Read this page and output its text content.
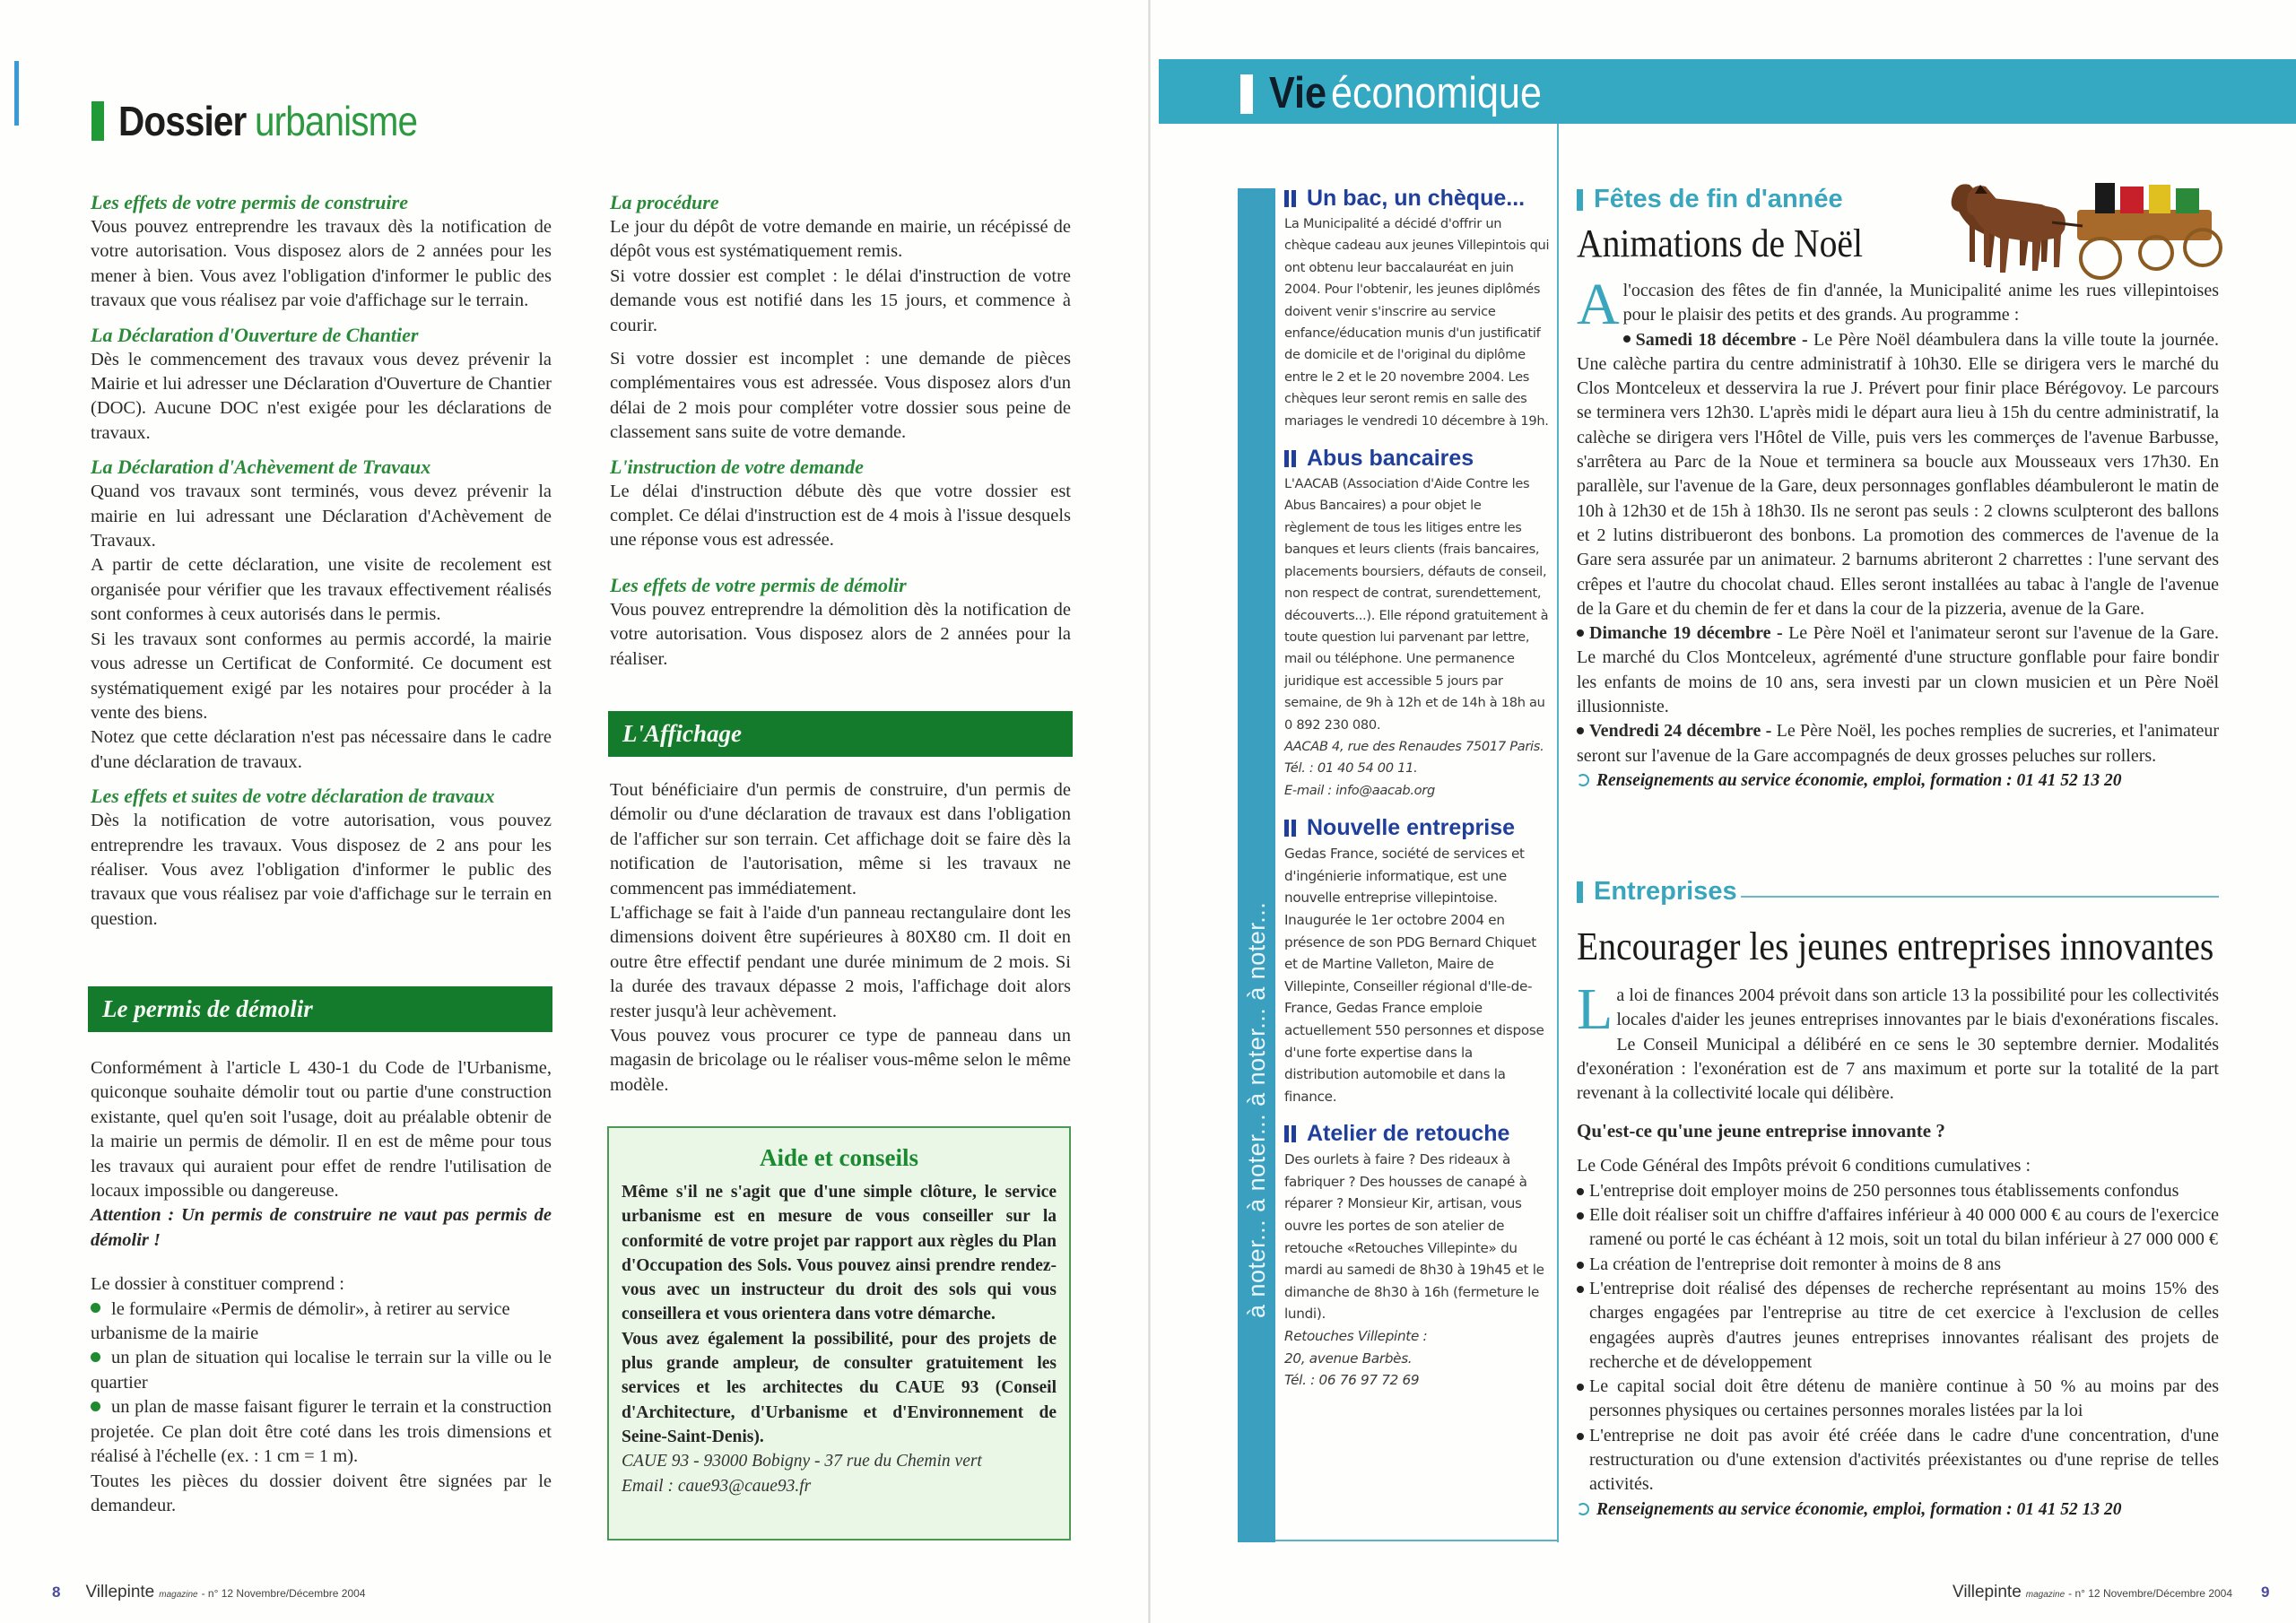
Dossier urbanisme
Les effets de votre permis de construire

Vous pouvez entreprendre les travaux dès la notification de votre autorisation. Vous disposez alors de 2 années pour les mener à bien. Vous avez l'obligation d'informer le public des travaux que vous réalisez par voie d'affichage sur le terrain.

La Déclaration d'Ouverture de Chantier

Dès le commencement des travaux vous devez prévenir la Mairie et lui adresser une Déclaration d'Ouverture de Chantier (DOC). Aucune DOC n'est exigée pour les déclarations de travaux.

La Déclaration d'Achèvement de Travaux

Quand vos travaux sont terminés, vous devez prévenir la mairie en lui adressant une Déclaration d'Achèvement de Travaux.

A partir de cette déclaration, une visite de recolement est organisée pour vérifier que les travaux effectivement réalisés sont conformes à ceux autorisés dans le permis.

Si les travaux sont conformes au permis accordé, la mairie vous adresse un Certificat de Conformité. Ce document est systématiquement exigé par les notaires pour procéder à la vente des biens.

Notez que cette déclaration n'est pas nécessaire dans le cadre d'une déclaration de travaux.

Les effets et suites de votre déclaration de travaux

Dès la notification de votre autorisation, vous pouvez entreprendre les travaux. Vous disposez de 2 ans pour les réaliser. Vous avez l'obligation d'informer le public des travaux que vous réalisez par voie d'affichage sur le terrain en question.

Le permis de démolir

Conformément à l'article L 430-1 du Code de l'Urbanisme, quiconque souhaite démolir tout ou partie d'une construction existante, quel qu'en soit l'usage, doit au préalable obtenir de la mairie un permis de démolir. Il en est de même pour tous les travaux qui auraient pour effet de rendre l'utilisation de locaux impossible ou dangereuse.

Attention : Un permis de construire ne vaut pas permis de démolir !

Le dossier à constituer comprend :

le formulaire «Permis de démolir», à retirer au service urbanisme de la mairie

un plan de situation qui localise le terrain sur la ville ou le quartier

un plan de masse faisant figurer le terrain et la construction projetée. Ce plan doit être coté dans les trois dimensions et réalisé à l'échelle (ex. : 1 cm = 1 m).

Toutes les pièces du dossier doivent être signées par le demandeur.

La procédure

Le jour du dépôt de votre demande en mairie, un récépissé de dépôt vous est systématiquement remis.

Si votre dossier est complet : le délai d'instruction de votre demande vous est notifié dans les 15 jours, et commence à courir.

Si votre dossier est incomplet : une demande de pièces complémentaires vous est adressée. Vous disposez alors d'un délai de 2 mois pour compléter votre dossier sous peine de classement sans suite de votre demande.

L'instruction de votre demande

Le délai d'instruction débute dès que votre dossier est complet. Ce délai d'instruction est de 4 mois à l'issue desquels une réponse vous est adressée.

Les effets de votre permis de démolir

Vous pouvez entreprendre la démolition dès la notification de votre autorisation. Vous disposez alors de 2 années pour la réaliser.

L'Affichage

Tout bénéficiaire d'un permis de construire, d'un permis de démolir ou d'une déclaration de travaux est dans l'obligation de l'afficher sur son terrain. Cet affichage doit se faire dès la notification de l'autorisation, même si les travaux ne commencent pas immédiatement.

L'affichage se fait à l'aide d'un panneau rectangulaire dont les dimensions doivent être supérieures à 80X80 cm. Il doit en outre être effectif pendant une durée minimum de 2 mois. Si la durée des travaux dépasse 2 mois, l'affichage doit alors rester jusqu'à leur achèvement.

Vous pouvez vous procurer ce type de panneau dans un magasin de bricolage ou le réaliser vous-même selon le même modèle.

Aide et conseils

Même s'il ne s'agit que d'une simple clôture, le service urbanisme est en mesure de vous conseiller sur la conformité de votre projet par rapport aux règles du Plan d'Occupation des Sols. Vous pouvez ainsi prendre rendez-vous avec un instructeur du droit des sols qui vous conseillera et vous orientera dans votre démarche.

Vous avez également la possibilité, pour des projets de plus grande ampleur, de consulter gratuitement les services et les architectes du CAUE 93 (Conseil d'Architecture, d'Urbanisme et d'Environnement de Seine-Saint-Denis).

CAUE 93 - 93000 Bobigny - 37 rue du Chemin vert

Email : caue93@caue93.fr

8 Villepinte magazine - n° 12 Novembre/Décembre 2004
Vie économique
à noter... à noter... à noter... à noter...
Un bac, un chèque...

La Municipalité a décidé d'offrir un chèque cadeau aux jeunes Villepintois qui ont obtenu leur baccalauréat en juin 2004. Pour l'obtenir, les jeunes diplômés doivent venir s'inscrire au service enfance/éducation munis d'un justificatif de domicile et de l'original du diplôme entre le 2 et le 20 novembre 2004. Les chèques leur seront remis en salle des mariages le vendredi 10 décembre à 19h.

Abus bancaires

L'AACAB (Association d'Aide Contre les Abus Bancaires) a pour objet le règlement de tous les litiges entre les banques et leurs clients (frais bancaires, placements boursiers, défauts de conseil, non respect de contrat, surendettement, découverts...). Elle répond gratuitement à toute question lui parvenant par lettre, mail ou téléphone. Une permanence juridique est accessible 5 jours par semaine, de 9h à 12h et de 14h à 18h au 0 892 230 080.

AACAB 4, rue des Renaudes 75017 Paris. Tél. : 01 40 54 00 11.

E-mail : info@aacab.org

Nouvelle entreprise

Gedas France, société de services et d'ingénierie informatique, est une nouvelle entreprise villepintoise. Inaugurée le 1er octobre 2004 en présence de son PDG Bernard Chiquet et de Martine Valleton, Maire de Villepinte, Conseiller régional d'Ile-de-France, Gedas France emploie actuellement 550 personnes et dispose d'une forte expertise dans la distribution automobile et dans la finance.

Atelier de retouche

Des ourlets à faire ? Des rideaux à fabriquer ? Des housses de canapé à réparer ? Monsieur Kir, artisan, vous ouvre les portes de son atelier de retouche «Retouches Villepinte» du mardi au samedi de 8h30 à 19h45 et le dimanche de 8h30 à 16h (fermeture le lundi).

Retouches Villepinte :

20, avenue Barbès.

Tél. : 06 76 97 72 69

Fêtes de fin d'année
Animations de Noël
Al'occasion des fêtes de fin d'année, la Municipalité anime les rues villepintoises pour le plaisir des petits et des grands. Au programme :
Samedi 18 décembre - Le Père Noël déambulera dans la ville toute la journée. Une calèche partira du centre administratif à 10h30. Elle se dirigera vers le marché du Clos Montceleux et desservira la rue J. Prévert pour finir place Bérégovoy. Le parcours se terminera vers 12h30. L'après midi le départ aura lieu à 15h du centre administratif, la calèche se dirigera vers l'Hôtel de Ville, puis vers les commerçes de l'avenue Barbusse, s'arrêtera au Parc de la Noue et terminera sa boucle aux Mousseaux vers 17h30. En parallèle, sur l'avenue de la Gare, deux personnages gonflables déambuleront le matin de 10h à 12h30 et de 15h à 18h30. Ils ne seront pas seuls : 2 clowns sculpteront des ballons et 2 lutins distribueront des bonbons. La promotion des commerces de l'avenue de la Gare sera assurée par un animateur. 2 barnums abriteront 2 charrettes : l'une servant des crêpes et l'autre du chocolat chaud. Elles seront installées au tabac à l'angle de l'avenue de la Gare et du chemin de fer et dans la cour de la pizzeria, avenue de la Gare.
Dimanche 19 décembre - Le Père Noël et l'animateur seront sur l'avenue de la Gare. Le marché du Clos Montceleux, agrémenté d'une structure gonflable pour faire bondir les enfants de moins de 10 ans, sera investi par un clown musicien et un Père Noël illusionniste.
Vendredi 24 décembre - Le Père Noël, les poches remplies de sucreries, et l'animateur seront sur l'avenue de la Gare accompagnés de deux grosses peluches sur rollers.
Renseignements au service économie, emploi, formation : 01 41 52 13 20
Entreprises
Encourager les jeunes entreprises innovantes
La loi de finances 2004 prévoit dans son article 13 la possibilité pour les collectivités locales d'aider les jeunes entreprises innovantes par le biais d'exonérations fiscales. Le Conseil Municipal a délibéré en ce sens le 30 septembre dernier. Modalités d'exonération : l'exonération est de 7 ans maximum et porte sur la totalité de la part revenant à la collectivité locale qui délibère.
Qu'est-ce qu'une jeune entreprise innovante ?
Le Code Général des Impôts prévoit 6 conditions cumulatives :
L'entreprise doit employer moins de 250 personnes tous établissements confondus
Elle doit réaliser soit un chiffre d'affaires inférieur à 40 000 000 € au cours de l'exercice ramené ou porté le cas échéant à 12 mois, soit un total du bilan inférieur à 27 000 000 €
La création de l'entreprise doit remonter à moins de 8 ans
L'entreprise doit réalisé des dépenses de recherche représentant au moins 15% des charges engagées par l'entreprise au titre de cet exercice à l'exclusion de celles engagées auprès d'autres jeunes entreprises innovantes réalisant des projets de recherche et de développement
Le capital social doit être détenu de manière continue à 50 % au moins par des personnes physiques ou certaines personnes morales listées par la loi
L'entreprise ne doit pas avoir été créée dans le cadre d'une concentration, d'une restructuration ou d'une extension d'activités préexistantes ou d'une reprise de telles activités.
Renseignements au service économie, emploi, formation : 01 41 52 13 20
Villepinte magazine - n° 12 Novembre/Décembre 2004 9
